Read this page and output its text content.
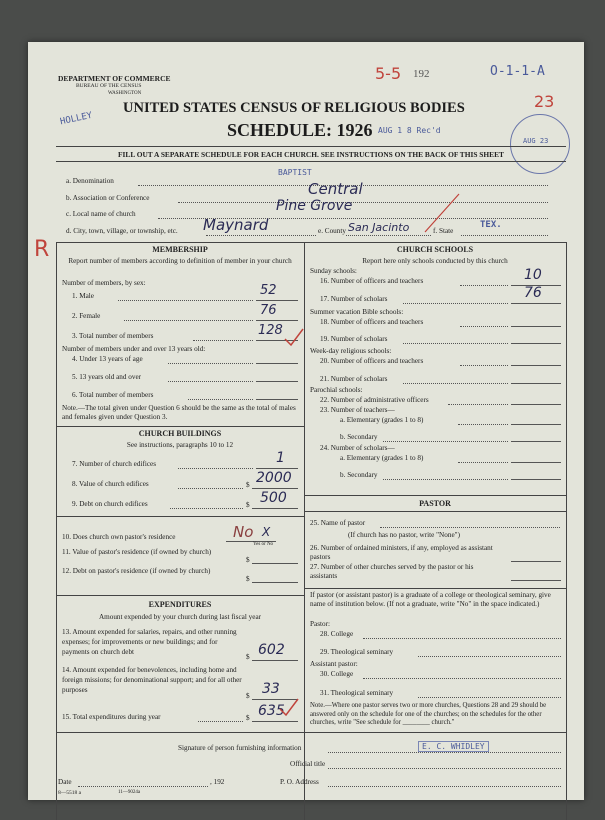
DEPARTMENT OF COMMERCE
BUREAU OF THE CENSUS
WASHINGTON
UNITED STATES CENSUS OF RELIGIOUS BODIES
SCHEDULE: 1926
HOLLEY
AUG 1 8 Rec'd
5-5 192	O-1-1-A
23
AUG 23
FILL OUT A SEPARATE SCHEDULE FOR EACH CHURCH. SEE INSTRUCTIONS ON THE BACK OF THIS SHEET
a. Denomination
BAPTIST
b. Association or Conference	Central
c. Local name of church	Pine Grove
d. City, town, village, or township, etc. Maynard	e. County San Jacinto	f. State
TEX.
R	MEMBERSHIP
Report number of members according to definition of member in your church
Number of members, by sex:
1. Male	52
2. Female	76
3. Total number of members	128
Number of members under and over 13 years old:
4. Under 13 years of age
5. 13 years old and over
6. Total number of members
Note.—The total given under Question 6 should be the same as the total of males and females given under Question 3.
CHURCH BUILDINGS
See instructions, paragraphs 10 to 12
7. Number of church edifices	1
8. Value of church edifices	$ 2000
9. Debt on church edifices	$ 500
10. Does church own pastor's residence	No X
Yes or No
11. Value of pastor's residence (if owned by church)
$
12. Debt on pastor's residence (if owned by church)
$
EXPENDITURES
Amount expended by your church during last fiscal year
13. Amount expended for salaries, repairs, and other running expenses; for improvements or new buildings; and for payments on church debt
$ 602
14. Amount expended for benevolences, including home and foreign missions; for denominational support; and for all other purposes
$ 33
15. Total expenditures during year	$ 635
CHURCH SCHOOLS
Report here only schools conducted by this church
Sunday schools:
16. Number of officers and teachers	10
17. Number of scholars	76
Summer vacation Bible schools:
18. Number of officers and teachers
19. Number of scholars
Week-day religious schools:
20. Number of officers and teachers
21. Number of scholars
Parochial schools:
22. Number of administrative officers
23. Number of teachers—
a. Elementary (grades 1 to 8)
b. Secondary
24. Number of scholars—
a. Elementary (grades 1 to 8)
b. Secondary
PASTOR
25. Name of pastor
(If church has no pastor, write "None")
26. Number of ordained ministers, if any, employed as assistant pastors
27. Number of other churches served by the pastor or his assistants
If pastor (or assistant pastor) is a graduate of a college or theological seminary, give name of institution below. (If not a graduate, write "No" in the space indicated.)
Pastor:
28. College
29. Theological seminary
Assistant pastor:
30. College
31. Theological seminary
Note.—Where one pastor serves two or more churches, Questions 28 and 29 should be answered only on the schedule for one of the churches; on the schedules for the other churches, write "See schedule for ________ church."
Signature of person furnishing information	E. C. WHIDLEY
Official title
Date	, 192	P. O. Address
8—5518 a	11—9024a
